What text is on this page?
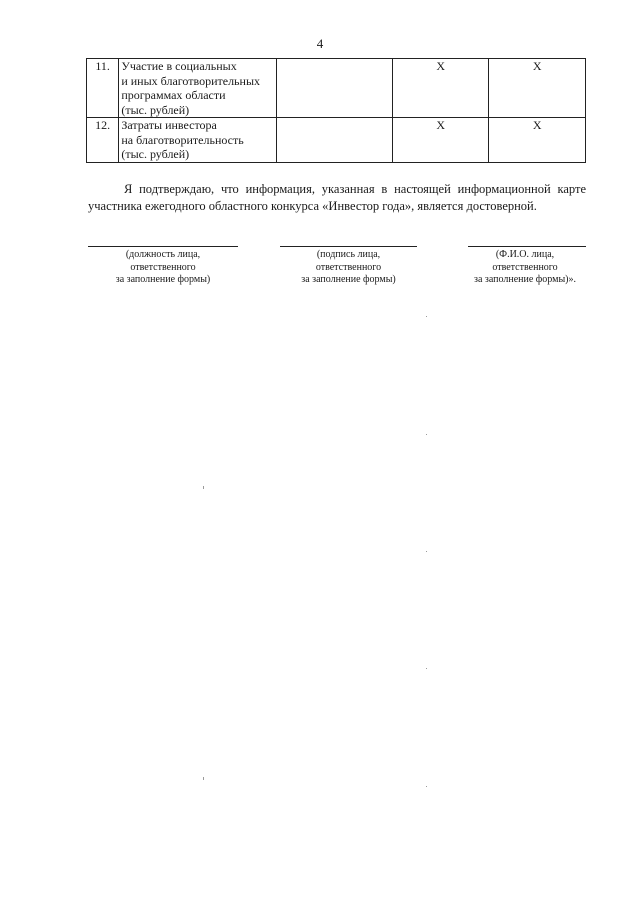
4
11.	Участие в социальных
и иных благотворительных
программах области
(тыс. рублей)		X	X
12.	Затраты инвестора
на благотворительность
(тыс. рублей)		X	X
Я подтверждаю, что информация, указанная в настоящей информационной карте участника ежегодного областного конкурса «Инвестор года», является достоверной.
(должность лица,
ответственного
за заполнение формы)
(подпись лица,
ответственного
за заполнение формы)
(Ф.И.О. лица,
ответственного
за заполнение формы)».
